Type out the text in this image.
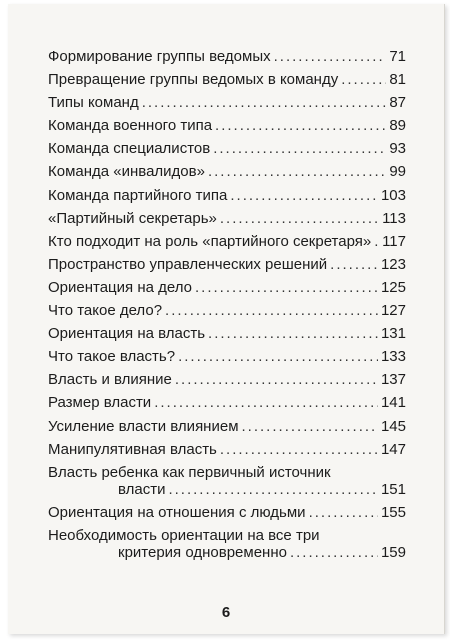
Формирование группы ведомых .....	71
Превращение группы ведомых в команду .....	81
Типы команд .....	87
Команда военного типа .....	89
Команда специалистов .....	93
Команда «инвалидов» .....	99
Команда партийного типа .....	103
«Партийный секретарь» .....	113
Кто подходит на роль «партийного секретаря» ..... 117
Пространство управленческих решений .....	123
Ориентация на дело .....	125
Что такое дело? .....	127
Ориентация на власть .....	131
Что такое власть? .....	133
Власть и влияние .....	137
Размер власти .....	141
Усиление власти влиянием .....	145
Манипулятивная власть .....	147
Власть ребенка как первичный источник
власти .....	151
Ориентация на отношения с людьми .....	155
Необходимость ориентации на все три
критерия одновременно .....	159
6
